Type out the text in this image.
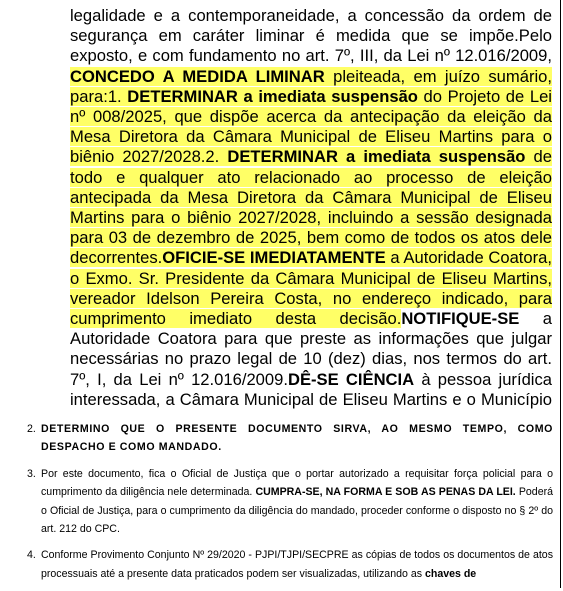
legalidade e a contemporaneidade, a concessão da ordem de segurança em caráter liminar é medida que se impõe.Pelo exposto, e com fundamento no art. 7º, III, da Lei nº 12.016/2009, CONCEDO A MEDIDA LIMINAR pleiteada, em juízo sumário, para:1. DETERMINAR a imediata suspensão do Projeto de Lei nº 008/2025, que dispõe acerca da antecipação da eleição da Mesa Diretora da Câmara Municipal de Eliseu Martins para o biênio 2027/2028.2. DETERMINAR a imediata suspensão de todo e qualquer ato relacionado ao processo de eleição antecipada da Mesa Diretora da Câmara Municipal de Eliseu Martins para o biênio 2027/2028, incluindo a sessão designada para 03 de dezembro de 2025, bem como de todos os atos dele decorrentes.OFICIE-SE IMEDIATAMENTE a Autoridade Coatora, o Exmo. Sr. Presidente da Câmara Municipal de Eliseu Martins, vereador Idelson Pereira Costa, no endereço indicado, para cumprimento imediato desta decisão.NOTIFIQUE-SE a Autoridade Coatora para que preste as informações que julgar necessárias no prazo legal de 10 (dez) dias, nos termos do art. 7º, I, da Lei nº 12.016/2009.DÊ-SE CIÊNCIA à pessoa jurídica interessada, a Câmara Municipal de Eliseu Martins e o Município
2. DETERMINO QUE O PRESENTE DOCUMENTO SIRVA, AO MESMO TEMPO, COMO DESPACHO E COMO MANDADO.
3. Por este documento, fica o Oficial de Justiça que o portar autorizado a requisitar força policial para o cumprimento da diligência nele determinada. CUMPRA-SE, NA FORMA E SOB AS PENAS DA LEI. Poderá o Oficial de Justiça, para o cumprimento da diligência do mandado, proceder conforme o disposto no § 2º do art. 212 do CPC.
4. Conforme Provimento Conjunto Nº 29/2020 - PJPI/TJPI/SECPRE as cópias de todos os documentos de atos processuais até a presente data praticados podem ser visualizadas, utilizando as chaves de
